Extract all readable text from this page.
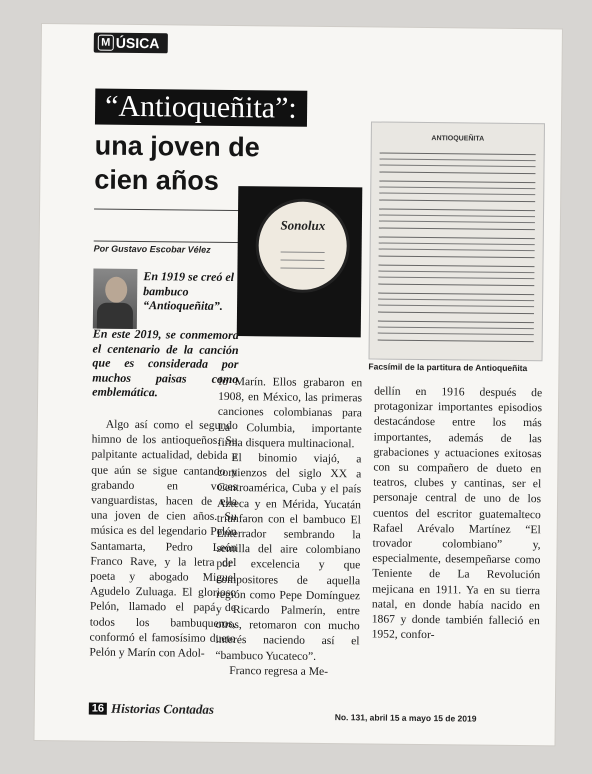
M ÚSICA
“Antioqueñita”:
una joven de cien años
Por Gustavo Escobar Vélez
Sonolux
ANTIOQUEÑITA
Facsímil de la partitura de Antioqueñita
En 1919 se creó el bambuco “Antioqueñita”.
En este 2019, se conmemora el centenario de la canción que es considerada por muchos paisas como emblemática.

Algo así como el segundo himno de los antioqueños. Su palpitante actualidad, debida a que aún se sigue cantando y grabando en voces vanguardistas, hacen de ella una joven de cien años. Su música es del legendario Pelón Santamarta, Pedro León Franco Rave, y la letra del poeta y abogado Miguel Agudelo Zuluaga. El glorioso Pelón, llamado el papá de todos los bambuqueros, conformó el famosísimo dueto Pelón y Marín con Adol-

fo Marín. Ellos grabaron en 1908, en México, las primeras canciones colombianas para La Columbia, importante firma disquera multinacional.

El binomio viajó, a comienzos del siglo XX a Centroamérica, Cuba y el país Azteca y en Mérida, Yucatán triunfaron con el bambuco El Enterrador sembrando la semilla del aire colombiano por excelencia y que compositores de aquella región como Pepe Domínguez y Ricardo Palmerín, entre otros, retomaron con mucho interés naciendo así el “bambuco Yucateco”.

Franco regresa a Me-

dellín en 1916 después de protagonizar importantes episodios destacándose entre los más importantes, además de las grabaciones y actuaciones exitosas con su compañero de dueto en teatros, clubes y cantinas, ser el personaje central de uno de los cuentos del escritor guatemalteco Rafael Arévalo Martínez “El trovador colombiano” y, especialmente, desempeñarse como Teniente de La Revolución mejicana en 1911. Ya en su tierra natal, en donde había nacido en 1867 y donde también falleció en 1952, confor-

16 Historias Contadas
No. 131, abril 15 a mayo 15 de 2019
